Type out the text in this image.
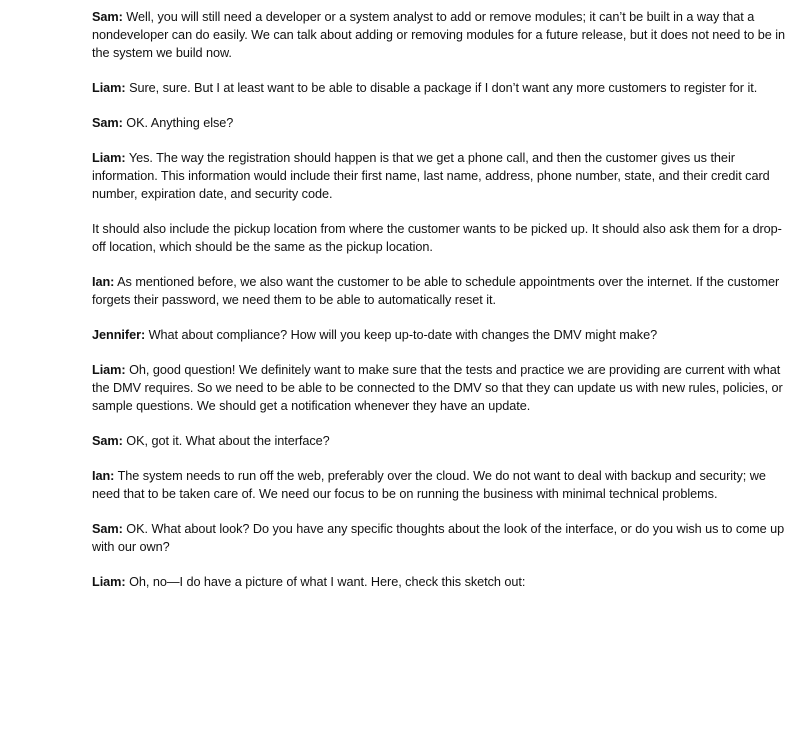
Sam: Well, you will still need a developer or a system analyst to add or remove modules; it can’t be built in a way that a nondeveloper can do easily. We can talk about adding or removing modules for a future release, but it does not need to be in the system we build now.

Liam: Sure, sure. But I at least want to be able to disable a package if I don’t want any more customers to register for it.

Sam: OK. Anything else?

Liam: Yes. The way the registration should happen is that we get a phone call, and then the customer gives us their information. This information would include their first name, last name, address, phone number, state, and their credit card number, expiration date, and security code.

It should also include the pickup location from where the customer wants to be picked up. It should also ask them for a drop-off location, which should be the same as the pickup location.

Ian: As mentioned before, we also want the customer to be able to schedule appointments over the internet. If the customer forgets their password, we need them to be able to automatically reset it.

Jennifer: What about compliance? How will you keep up-to-date with changes the DMV might make?

Liam: Oh, good question! We definitely want to make sure that the tests and practice we are providing are current with what the DMV requires. So we need to be able to be connected to the DMV so that they can update us with new rules, policies, or sample questions. We should get a notification whenever they have an update.

Sam: OK, got it. What about the interface?

Ian: The system needs to run off the web, preferably over the cloud. We do not want to deal with backup and security; we need that to be taken care of. We need our focus to be on running the business with minimal technical problems.

Sam: OK. What about look? Do you have any specific thoughts about the look of the interface, or do you wish us to come up with our own?

Liam: Oh, no—I do have a picture of what I want. Here, check this sketch out:
